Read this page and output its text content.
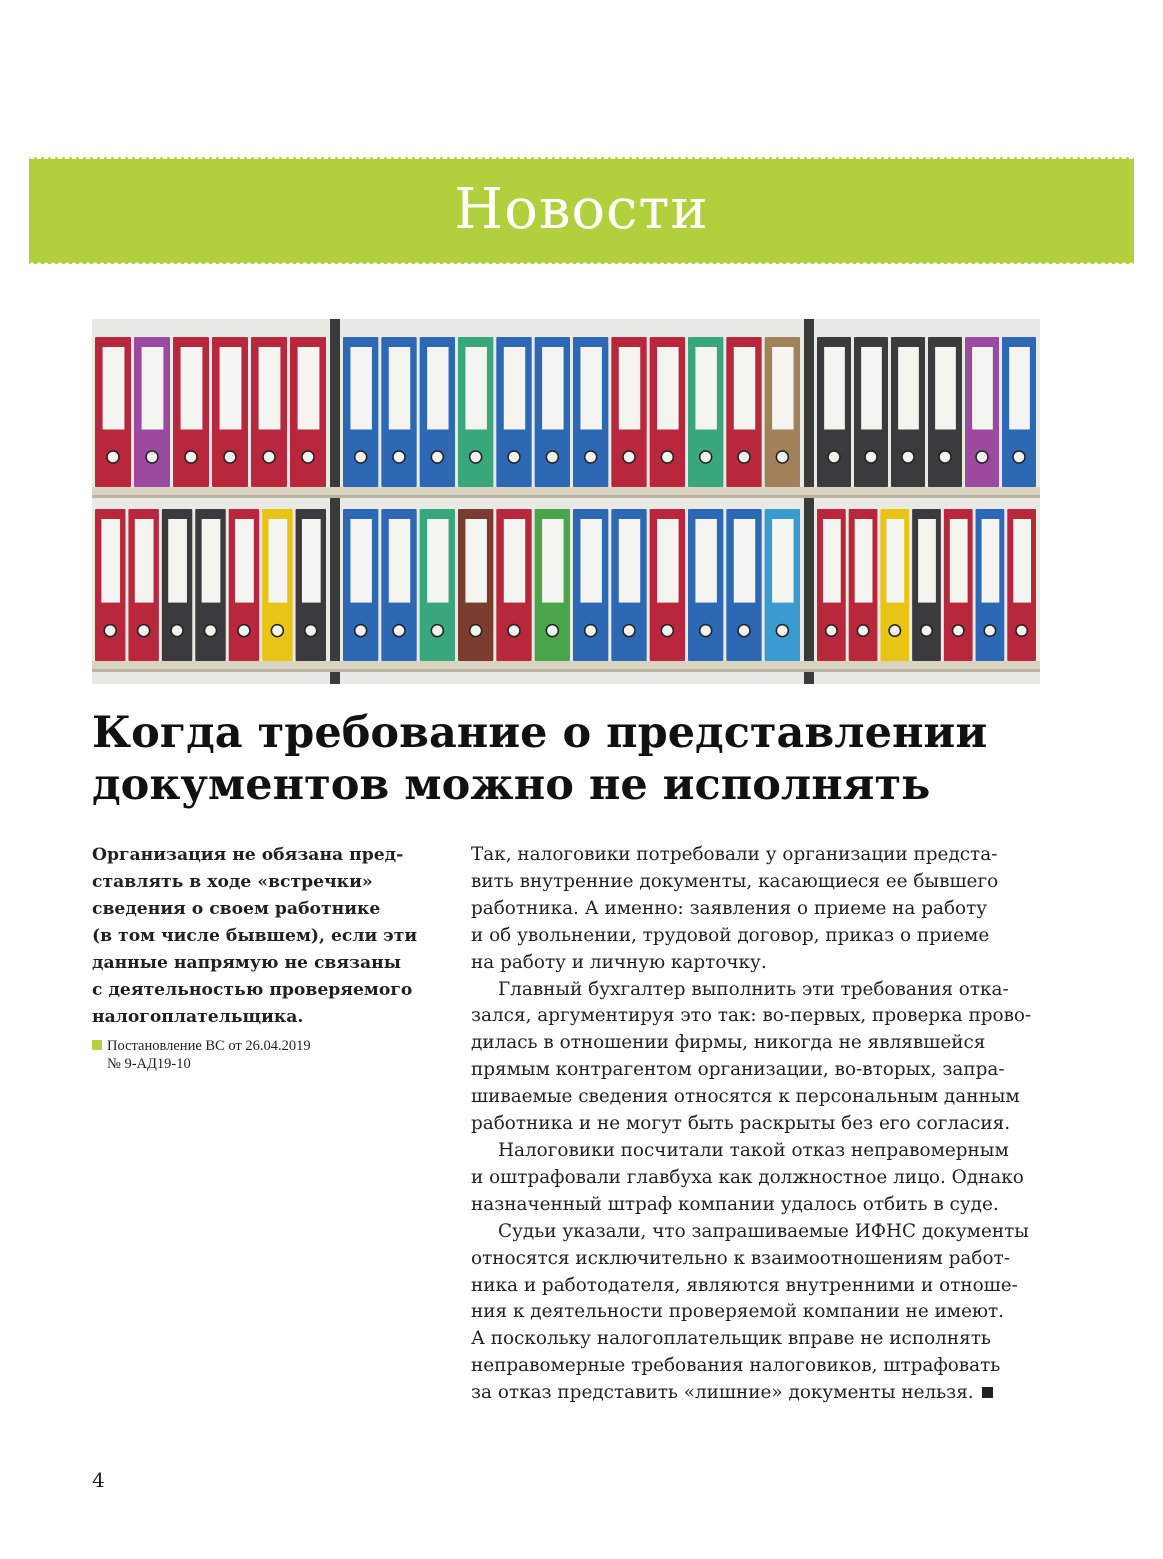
Новости
Когда требование о представлении
документов можно не исполнять
Организация не обязана пред-
ставлять в ходе «встречки»
сведения о своем работнике
(в том числе бывшем), если эти
данные напрямую не связаны
с деятельностью проверяемого
налогоплательщика.
Постановление ВС от 26.04.2019
№ 9-АД19-10
Так, налоговики потребовали у организации предста-
вить внутренние документы, касающиеся ее бывшего
работника. А именно: заявления о приеме на работу
и об увольнении, трудовой договор, приказ о приеме
на работу и личную карточку.
Главный бухгалтер выполнить эти требования отка-
зался, аргументируя это так: во-первых, проверка прово-
дилась в отношении фирмы, никогда не являвшейся
прямым контрагентом организации, во-вторых, запра-
шиваемые сведения относятся к персональным данным
работника и не могут быть раскрыты без его согласия.
Налоговики посчитали такой отказ неправомерным
и оштрафовали главбуха как должностное лицо. Однако
назначенный штраф компании удалось отбить в суде.
Судьи указали, что запрашиваемые ИФНС документы
относятся исключительно к взаимоотношениям работ-
ника и работодателя, являются внутренними и отноше-
ния к деятельности проверяемой компании не имеют.
А поскольку налогоплательщик вправе не исполнять
неправомерные требования налоговиков, штрафовать
за отказ представить «лишние» документы нельзя.
4
